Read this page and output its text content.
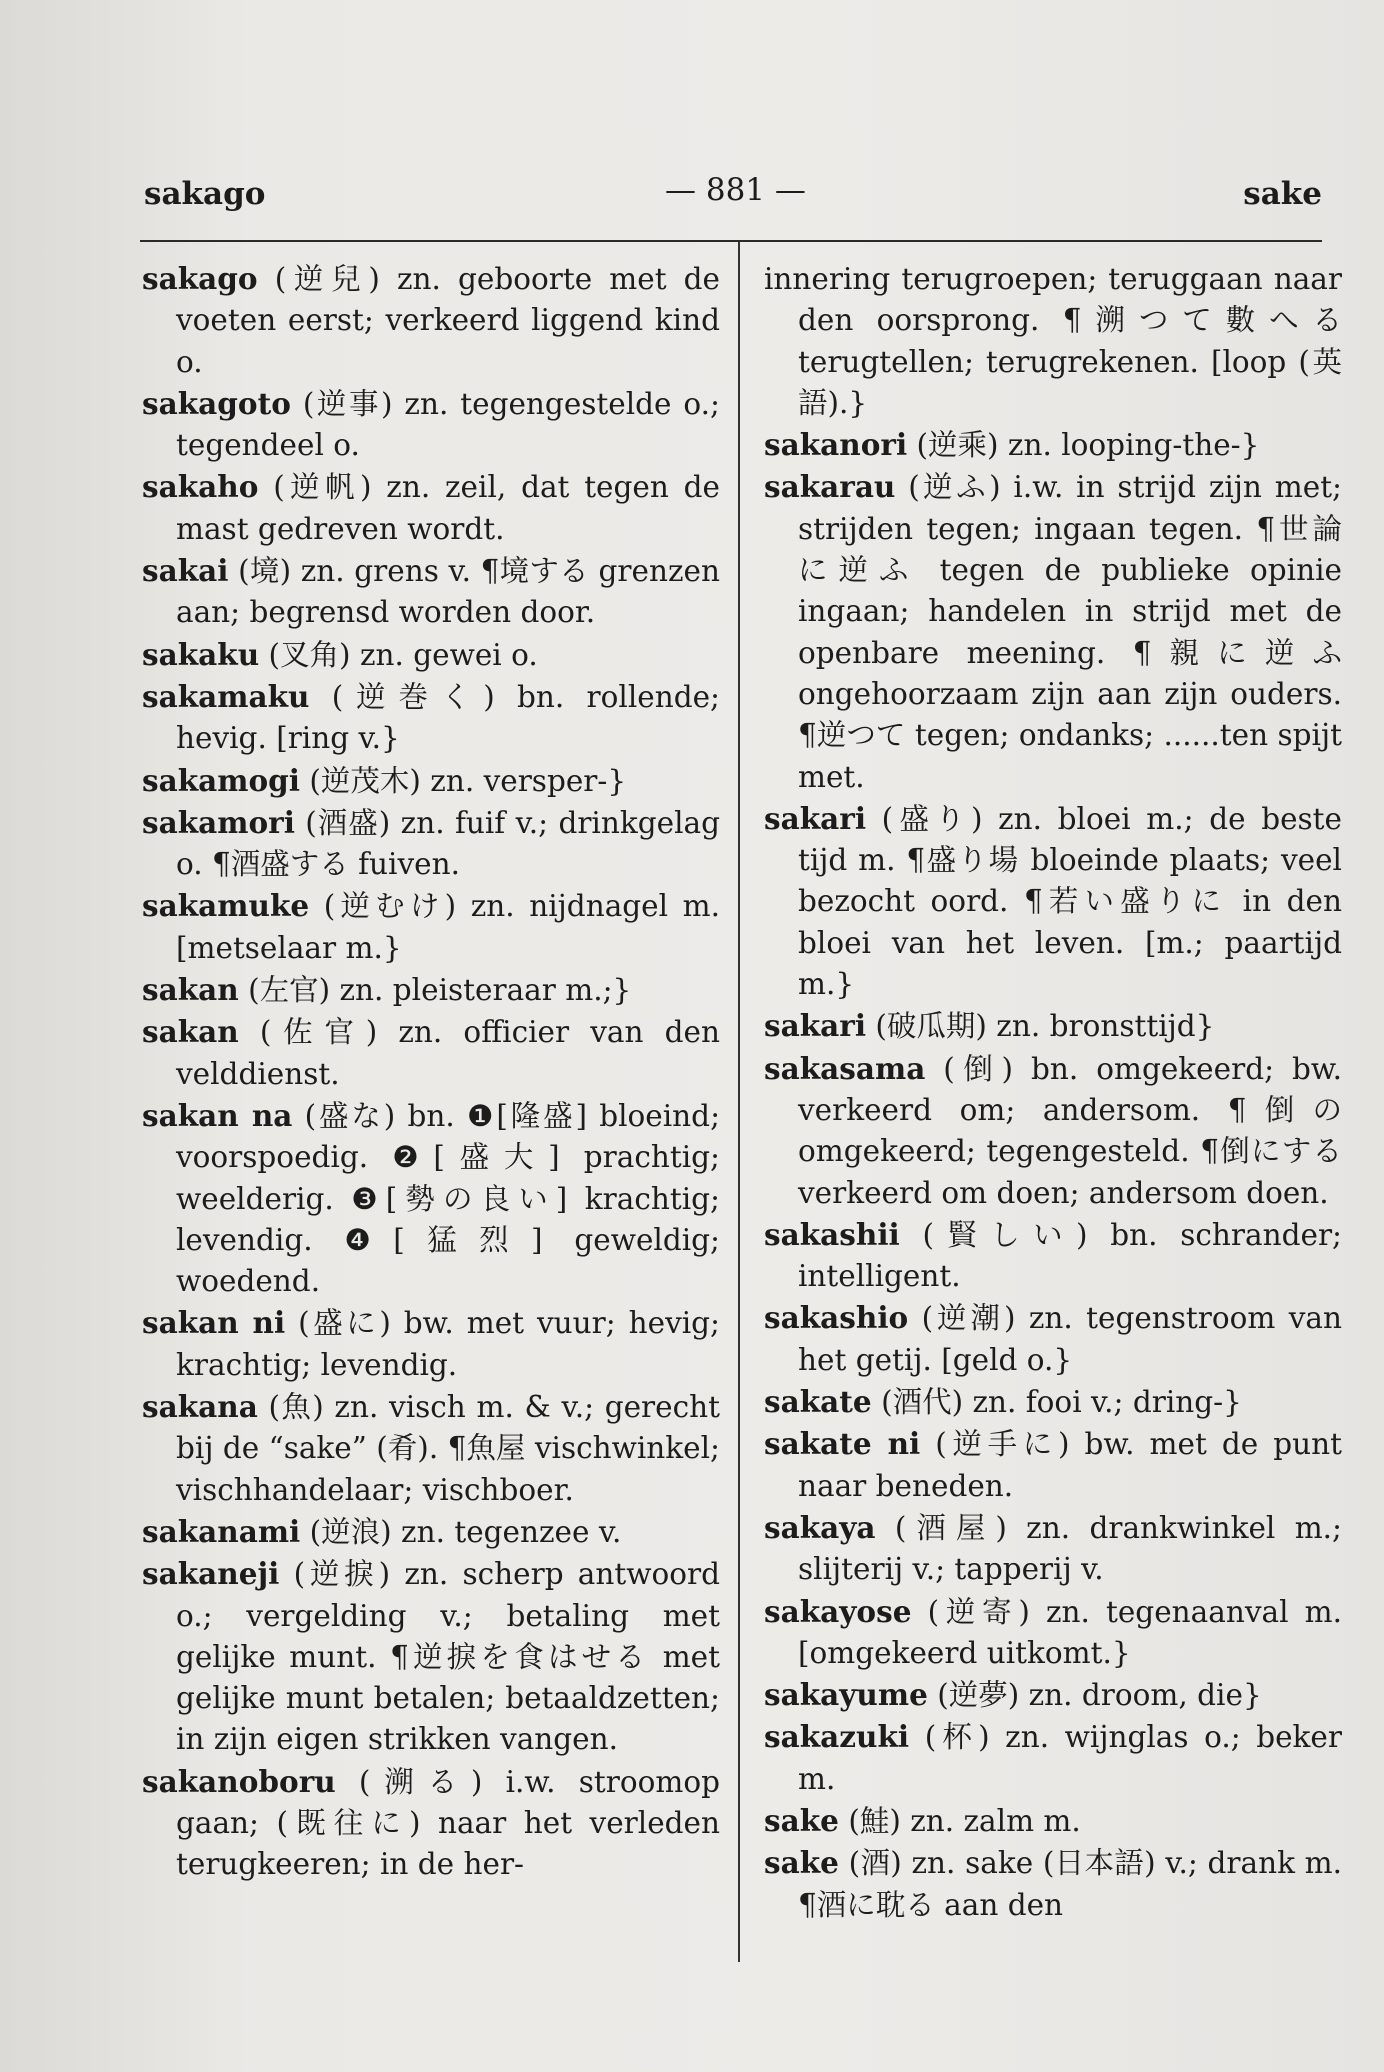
sakago	— 881 —	sake
sakago (逆兒) zn. geboorte met de voeten eerst; verkeerd liggend kind o.
sakagoto (逆事) zn. tegengestelde o.; tegendeel o.
sakaho (逆帆) zn. zeil, dat tegen de mast gedreven wordt.
sakai (境) zn. grens v. ¶境する grenzen aan; begrensd worden door.
sakaku (叉角) zn. gewei o.
sakamaku (逆巻く) bn. rollende; hevig. [ring v.}
sakamogi (逆茂木) zn. versper-}
sakamori (酒盛) zn. fuif v.; drinkgelag o. ¶酒盛する fuiven.
sakamuke (逆むけ) zn. nijdnagel m. [metselaar m.}
sakan (左官) zn. pleisteraar m.;}
sakan (佐官) zn. officier van den velddienst.
sakan na (盛な) bn. ❶[隆盛] bloeind; voorspoedig. ❷[盛大] prachtig; weelderig. ❸[勢の良い] krachtig; levendig. ❹[猛烈] geweldig; woedend.
sakan ni (盛に) bw. met vuur; hevig; krachtig; levendig.
sakana (魚) zn. visch m. & v.; gerecht bij de “sake” (肴). ¶魚屋 vischwinkel; vischhandelaar; vischboer.
sakanami (逆浪) zn. tegenzee v.
sakaneji (逆捩) zn. scherp antwoord o.; vergelding v.; betaling met gelijke munt. ¶逆捩を食はせる met gelijke munt betalen; betaaldzetten; in zijn eigen strikken vangen.
sakanoboru (溯る) i.w. stroomop gaan; (既往に) naar het verleden terugkeeren; in de her-
innering terugroepen; teruggaan naar den oorsprong. ¶溯つて數へる terugtellen; terugrekenen. [loop (英語).}
sakanori (逆乘) zn. looping-the-}
sakarau (逆ふ) i.w. in strijd zijn met; strijden tegen; ingaan tegen. ¶世論に逆ふ tegen de publieke opinie ingaan; handelen in strijd met de openbare meening. ¶親に逆ふ ongehoorzaam zijn aan zijn ouders. ¶逆つて tegen; ondanks; ......ten spijt met.
sakari (盛り) zn. bloei m.; de beste tijd m. ¶盛り場 bloeinde plaats; veel bezocht oord. ¶若い盛りに in den bloei van het leven. [m.; paartijd m.}
sakari (破瓜期) zn. bronsttijd}
sakasama (倒) bn. omgekeerd; bw. verkeerd om; andersom. ¶倒の omgekeerd; tegengesteld. ¶倒にする verkeerd om doen; andersom doen.
sakashii (賢しい) bn. schrander; intelligent.
sakashio (逆潮) zn. tegenstroom van het getij. [geld o.}
sakate (酒代) zn. fooi v.; dring-}
sakate ni (逆手に) bw. met de punt naar beneden.
sakaya (酒屋) zn. drankwinkel m.; slijterij v.; tapperij v.
sakayose (逆寄) zn. tegenaanval m. [omgekeerd uitkomt.}
sakayume (逆夢) zn. droom, die}
sakazuki (杯) zn. wijnglas o.; beker m.
sake (鮭) zn. zalm m.
sake (酒) zn. sake (日本語) v.; drank m. ¶酒に耽る aan den
